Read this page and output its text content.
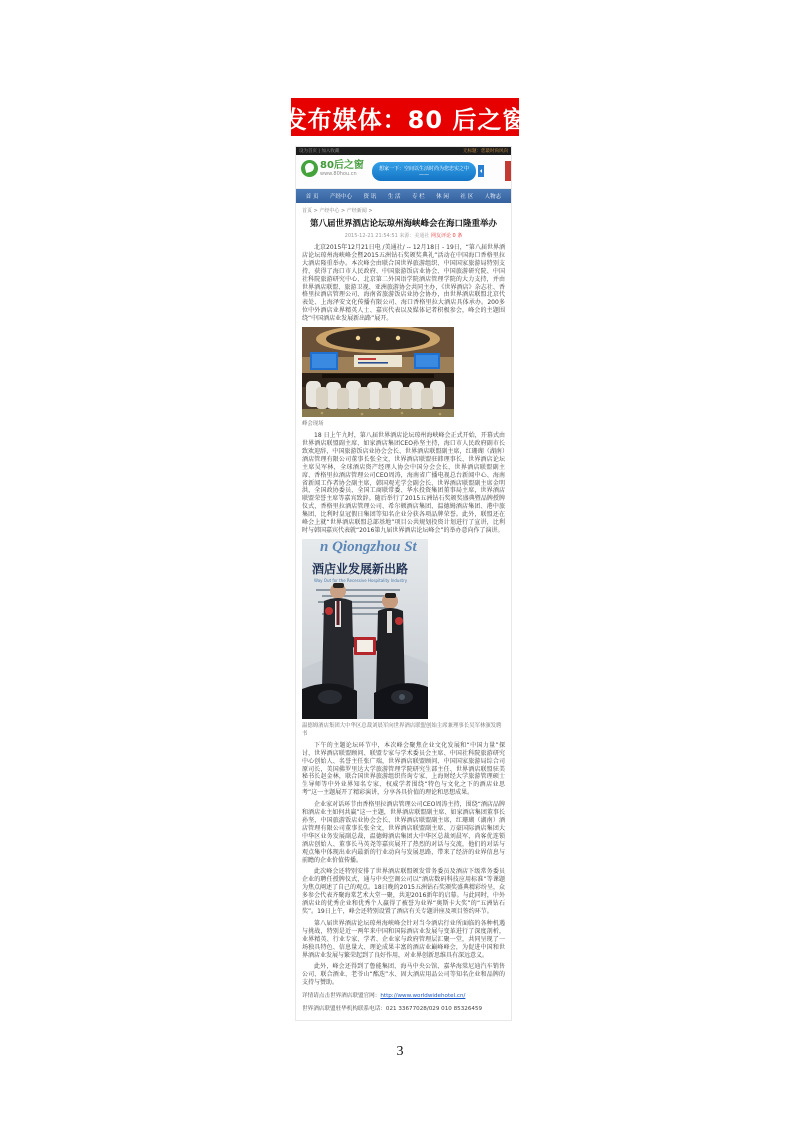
发布媒体：80 后之窗
设为首页 | 加入收藏	无标题：您最时尚风向
80后之窗
www.80hou.cn
想家一下：空间以生活时尚为您忠实之中——
首 页 产经中心 资 讯 生 活 专 栏 休 闲 社 区 人物志
首页 > 产经中心 > 产经新闻 >
第八届世界酒店论坛琼州海峡峰会在海口隆重举办
2015-12-21 21:54:51 来源：美通社 网友评论 0 条

北京2015年12月21日电 /美通社/ -- 12月18日 - 19日，“第八届世界酒店论坛琼州海峡峰会暨2015五洲钻石奖颁奖典礼”活动在中国海口香格里拉大酒店隆重举办。本次峰会由联合国世界旅游组织、中国国家旅游局特别支持，获得了海口市人民政府、中国旅游饭店业协会、中国旅游研究院、中国社科院旅游研究中心、北京第二外国语学院酒店管理学院的大力支持，并由世界酒店联盟、旅游卫视、亚洲旅游协会共同主办，《世界酒店》杂志社、香格里拉酒店管理公司、海南省旅游饭店业协会协办，由世界酒店联盟北京代表处、上海泽安文化传播有限公司、海口香格里拉大酒店具体承办。200多位中外酒店业界精英人士、嘉宾代表以及媒体记者积极参会，峰会的主题围绕“中国酒店业发展新出路”展开。

峰会现场

18 日上午九时，第八届世界酒店论坛琼州海峡峰会正式开始，开幕式由世界酒店联盟副主席、如家酒店集团CEO孙坚主持，海口市人民政府副市长致欢迎辞，中国旅游饭店业协会会长、世界酒店联盟副主席，红珊瑚（湖南）酒店管理有限公司董事长张全文，世界酒店联盟驻韩理事长、世界酒店论坛主席吴军林，全球酒店资产经理人协会中国分会会长，世界酒店联盟副主席、香格里拉酒店管理公司CEO周涛，海南省广播电视总台新闻中心、海南省新闻工作者协会副主席，韩国观光学会副会长、世界酒店联盟副主席金明洪，全国政协委员、全国工商联常委、华水投资集团董事局主席，世界酒店联盟荣誉主席等嘉宾致辞。随后举行了2015五洲钻石奖颁奖盛典暨品牌授牌仪式，香格里拉酒店管理公司、希尔顿酒店集团、温德姆酒店集团、港中旅集团、比利时皇冠假日集团等知名企业分获各项品牌荣誉。此外，联盟还在峰会上就“世界酒店联盟总部基地”项目公共规划投资计划进行了宣讲，比利时与韩国嘉宾代表就“2016第九届世界酒店论坛峰会”的举办意向作了演讲。

n Qiongzhou St
酒店业发展新出路
Way Out for the Recessive Hospitality Industry
温德姆酒店集团大中华区总裁刘晨军向世界酒店联盟创始主席兼理事长吴军林颁发聘书

下午的主题论坛环节中，本次峰会聚焦企业文化发展和“中国力量”探讨，世界酒店联盟顾问、联盟专家与学术委员会主席、中国社科院旅游研究中心创始人、名誉主任张广瑞，世界酒店联盟顾问、中国国家旅游局综合司原司长，美国佛罗里达大学旅游管理学院研究生部主任、世界酒店联盟驻美秘书长赵金林，联合国世界旅游组织咨询专家、上海财经大学旅游管理硕士生导师等中外业界知名专家、权威学者围绕“特色与文化之下的酒店业思考”这一主题展开了精彩演讲，分享各具价值的理论和思想成果。

企业家对话环节由香格里拉酒店管理公司CEO周涛主持，围绕“酒店品牌和酒店业主如何共赢”这一主题，世界酒店联盟副主席、如家酒店集团董事长孙坚，中国旅游饭店业协会会长、世界酒店联盟副主席，红珊瑚（湖南）酒店管理有限公司董事长张全文，世界酒店联盟副主席、万豪国际酒店集团大中华区业务发展副总裁，温德姆酒店集团大中华区总裁刘晨军，尚客优连锁酒店创始人、董事长马英尧等嘉宾展开了热烈的对话与交流，他们的对话与观点集中体现出业内最新的行业动向与发展思路，带来了经济的业界信息与前瞻的企业价值传播。

此次峰会还特别安排了世界酒店联盟颁发常务委员及酒店下级常务委员企业的聘任授牌仪式，通与中央空调公司以“酒店数码科技应用标准”等课题为焦点阐述了自己的观点。18日晚的2015五洲钻石奖颁奖盛典精彩纷呈，众多参会代表齐聚海棠艺术大堂一聚，共迎2016新年的启幕。与此同时，中外酒店业的优秀企业和优秀个人赢得了被誉为业界“奥斯卡大奖”的“五洲钻石奖”。19日上午，峰会还特别设置了酒店有关专题讲座及项目签约环节。

第八届世界酒店论坛琼州海峡峰会针对当今酒店行业所面临的各种机遇与挑战，特别是近一两年来中国和国际酒店业发展与变革进行了深度剖析，业界精英、行业专家、学者、企业家与政府管理层汇聚一堂，共同呈现了一场独具特色、信息量大、理论成果丰富的酒店业巅峰峰会，为促进中国和世界酒店业发展与繁荣起到了良好作用，对业界创新思维具有深远意义。

此外，峰会还得到了鲁能集团、海马中央公馆、嘉华海棠尼迪汽车销售公司、联合酒业、老爷山“酩迭”水、固大酒店用品公司等知名企业和品牌的支持与赞助。

详情请点击世界酒店联盟官网：http://www.worldwidehotel.cn/
世界酒店联盟驻华机构联系电话：021 33677028/029 010 85326459
3
